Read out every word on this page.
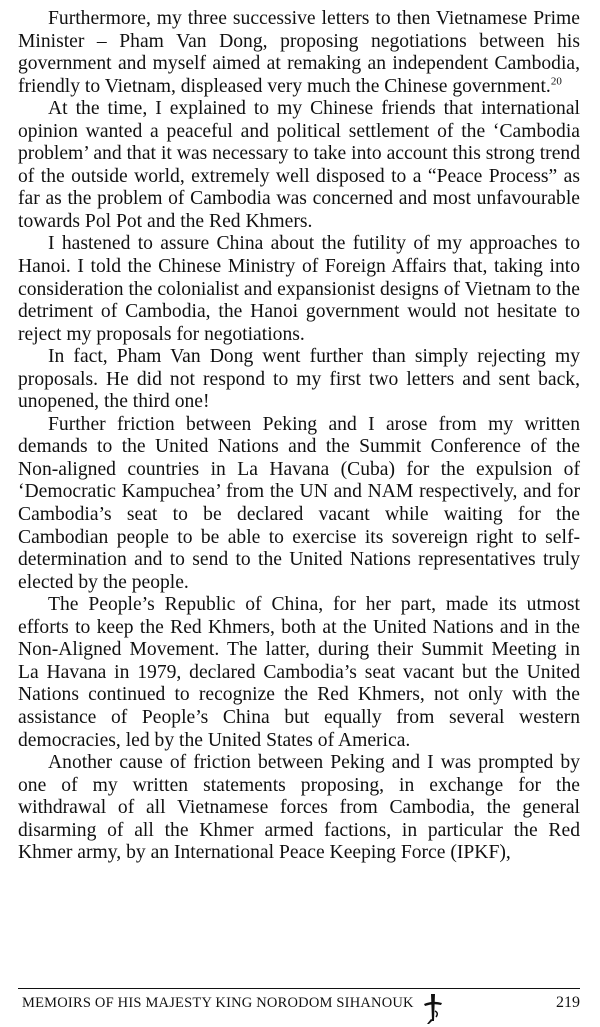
Furthermore, my three successive letters to then Vietnamese Prime Minister – Pham Van Dong, proposing negotiations between his government and myself aimed at remaking an independent Cambodia, friendly to Vietnam, displeased very much the Chinese government.$^{20}$

At the time, I explained to my Chinese friends that international opinion wanted a peaceful and political settlement of the ‘Cambodia problem’ and that it was necessary to take into account this strong trend of the outside world, extremely well disposed to a “Peace Process” as far as the problem of Cambodia was concerned and most unfavourable towards Pol Pot and the Red Khmers.

I hastened to assure China about the futility of my approaches to Hanoi. I told the Chinese Ministry of Foreign Affairs that, taking into consideration the colonialist and expansionist designs of Vietnam to the detriment of Cambodia, the Hanoi government would not hesitate to reject my proposals for negotiations.

In fact, Pham Van Dong went further than simply rejecting my proposals. He did not respond to my first two letters and sent back, unopened, the third one!

Further friction between Peking and I arose from my written demands to the United Nations and the Summit Conference of the Non-aligned countries in La Havana (Cuba) for the expulsion of ‘Democratic Kampuchea’ from the UN and NAM respectively, and for Cambodia’s seat to be declared vacant while waiting for the Cambodian people to be able to exercise its sovereign right to self-determination and to send to the United Nations representatives truly elected by the people.

The People’s Republic of China, for her part, made its utmost efforts to keep the Red Khmers, both at the United Nations and in the Non-Aligned Movement. The latter, during their Summit Meeting in La Havana in 1979, declared Cambodia’s seat vacant but the United Nations continued to recognize the Red Khmers, not only with the assistance of People’s China but equally from several western democracies, led by the United States of America.

Another cause of friction between Peking and I was prompted by one of my written statements proposing, in exchange for the withdrawal of all Vietnamese forces from Cambodia, the general disarming of all the Khmer armed factions, in particular the Red Khmer army, by an International Peace Keeping Force (IPKF),

MEMOIRS OF HIS MAJESTY KING NORODOM SIHANOUK	219
